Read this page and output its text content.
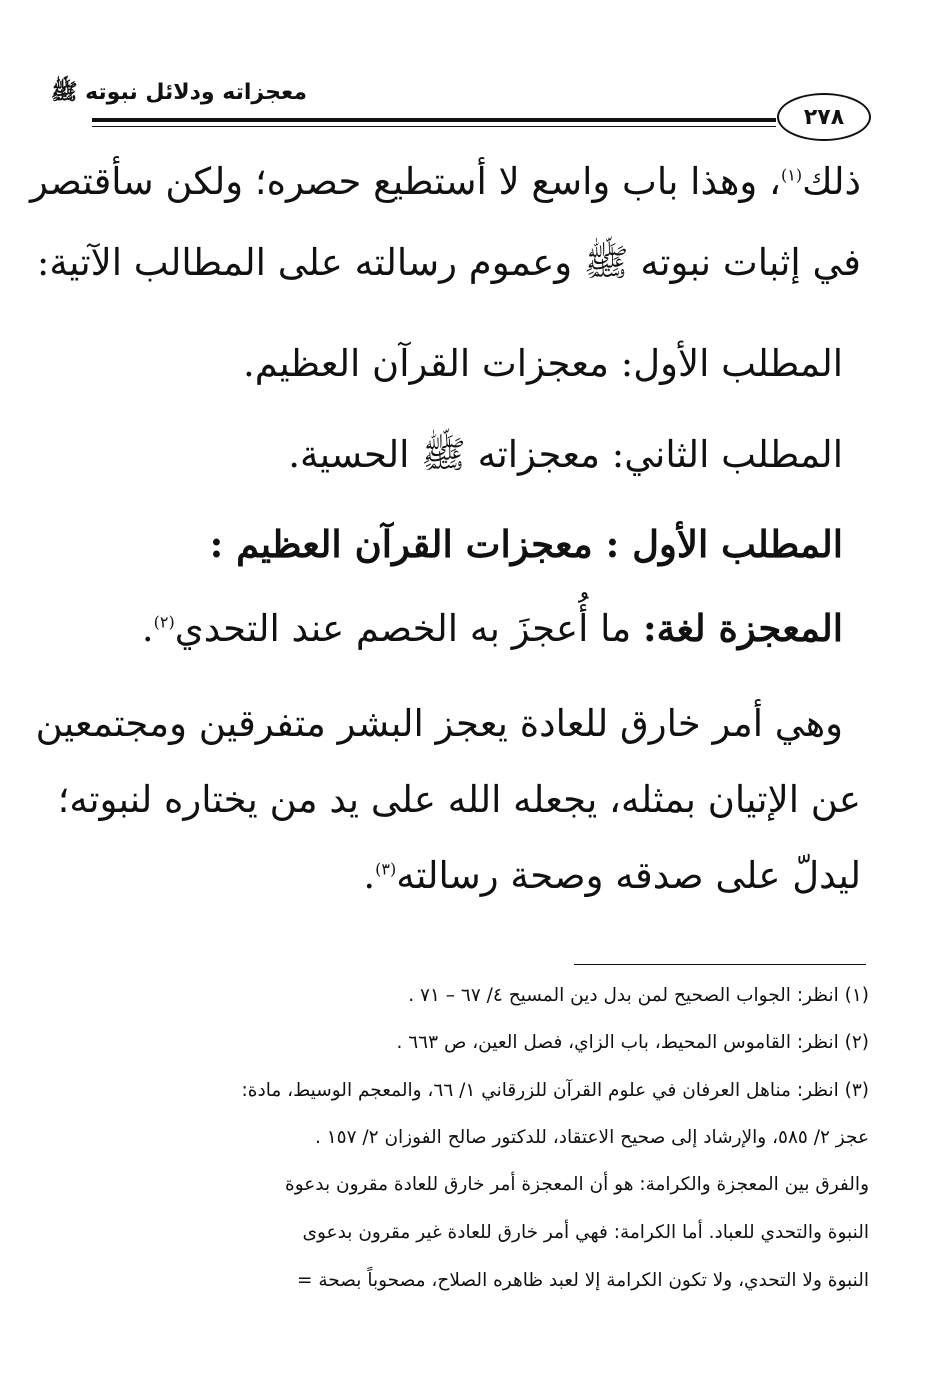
معجزاته ودلائل نبوته ﷺ
٢٧٨
ذلك$^{(١)}$، وهذا باب واسع لا أستطيع حصره؛ ولكن سأقتصر
في إثبات نبوته ﷺ وعموم رسالته على المطالب الآتية:
المطلب الأول: معجزات القرآن العظيم.
المطلب الثاني: معجزاته ﷺ الحسية.
المطلب الأول : معجزات القرآن العظيم :
المعجزة لغة: ما أُعجزَ به الخصم عند التحدي$^{(٢)}$.
وهي أمر خارق للعادة يعجز البشر متفرقين ومجتمعين
عن الإتيان بمثله، يجعله الله على يد من يختاره لنبوته؛
ليدلّ على صدقه وصحة رسالته$^{(٣)}$.
(١) انظر: الجواب الصحيح لمن بدل دين المسيح ٤/ ٦٧ – ٧١ .
(٢) انظر: القاموس المحيط، باب الزاي، فصل العين، ص ٦٦٣ .
(٣) انظر: مناهل العرفان في علوم القرآن للزرقاني ١/ ٦٦، والمعجم الوسيط، مادة:
عجز ٢/ ٥٨٥، والإرشاد إلى صحيح الاعتقاد، للدكتور صالح الفوزان ٢/ ١٥٧ .
والفرق بين المعجزة والكرامة: هو أن المعجزة أمر خارق للعادة مقرون بدعوة
النبوة والتحدي للعباد. أما الكرامة: فهي أمر خارق للعادة غير مقرون بدعوى
النبوة ولا التحدي، ولا تكون الكرامة إلا لعبد ظاهره الصلاح، مصحوباً بصحة =
